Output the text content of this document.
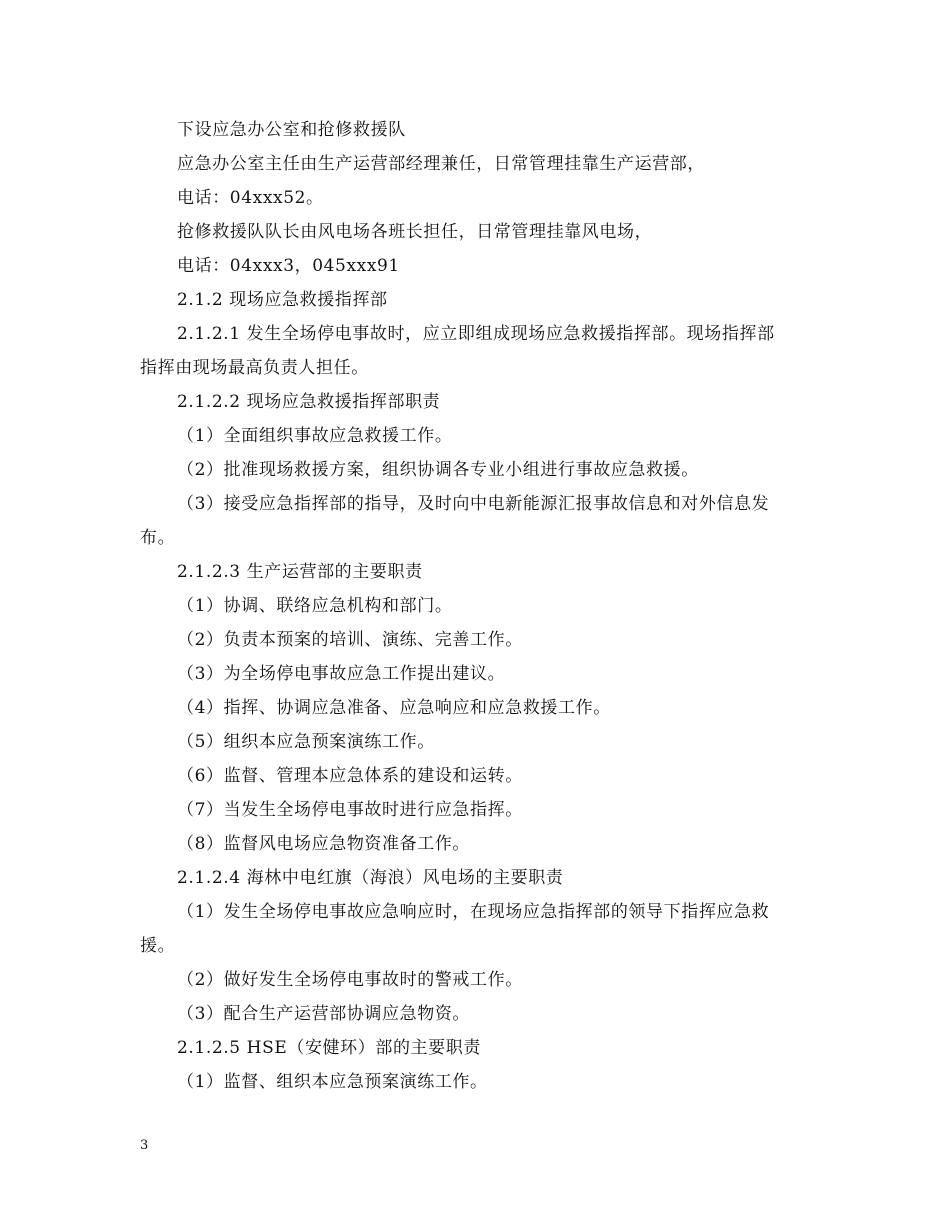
下设应急办公室和抢修救援队
应急办公室主任由生产运营部经理兼任，日常管理挂靠生产运营部，
电话：04xxx52。
抢修救援队队长由风电场各班长担任，日常管理挂靠风电场，
电话：04xxx3，045xxx91
2.1.2 现场应急救援指挥部
2.1.2.1 发生全场停电事故时，应立即组成现场应急救援指挥部。现场指挥部
指挥由现场最高负责人担任。
2.1.2.2 现场应急救援指挥部职责
（1）全面组织事故应急救援工作。
（2）批准现场救援方案，组织协调各专业小组进行事故应急救援。
（3）接受应急指挥部的指导，及时向中电新能源汇报事故信息和对外信息发
布。
2.1.2.3 生产运营部的主要职责
（1）协调、联络应急机构和部门。
（2）负责本预案的培训、演练、完善工作。
（3）为全场停电事故应急工作提出建议。
（4）指挥、协调应急准备、应急响应和应急救援工作。
（5）组织本应急预案演练工作。
（6）监督、管理本应急体系的建设和运转。
（7）当发生全场停电事故时进行应急指挥。
（8）监督风电场应急物资准备工作。
2.1.2.4 海林中电红旗（海浪）风电场的主要职责
（1）发生全场停电事故应急响应时，在现场应急指挥部的领导下指挥应急救
援。
（2）做好发生全场停电事故时的警戒工作。
（3）配合生产运营部协调应急物资。
2.1.2.5 HSE（安健环）部的主要职责
（1）监督、组织本应急预案演练工作。
3
